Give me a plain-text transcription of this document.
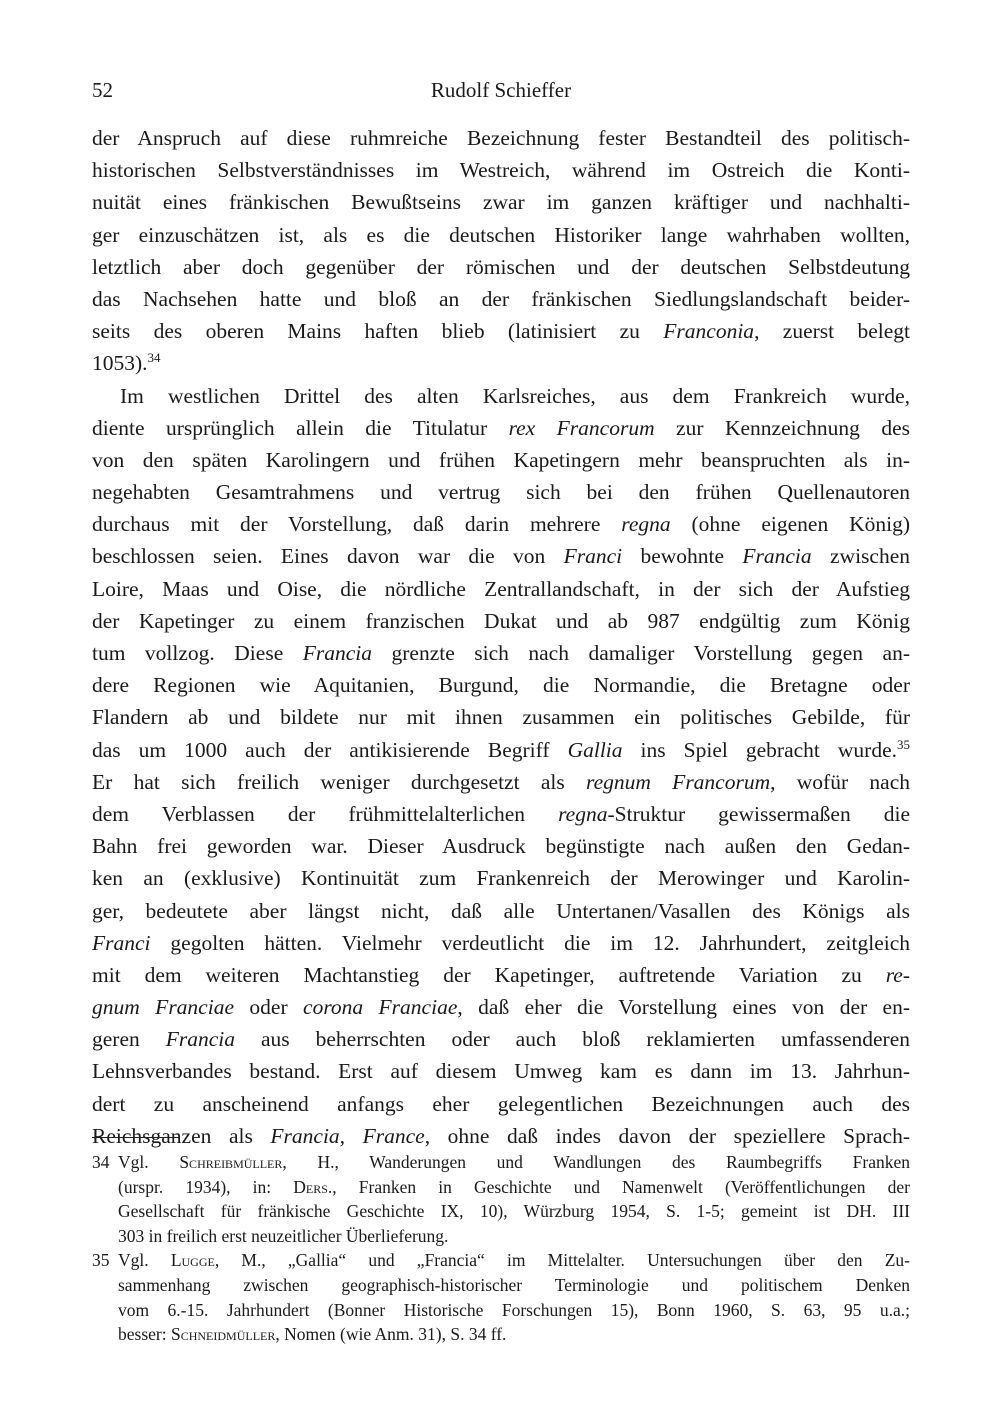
52	Rudolf Schieffer
der Anspruch auf diese ruhmreiche Bezeichnung fester Bestandteil des politisch-
historischen Selbstverständnisses im Westreich, während im Ostreich die Konti-
nuität eines fränkischen Bewußtseins zwar im ganzen kräftiger und nachhalti-
ger einzuschätzen ist, als es die deutschen Historiker lange wahrhaben wollten,
letztlich aber doch gegenüber der römischen und der deutschen Selbstdeutung
das Nachsehen hatte und bloß an der fränkischen Siedlungslandschaft beider-
seits des oberen Mains haften blieb (latinisiert zu Franconia, zuerst belegt
1053).$^{34}$
Im westlichen Drittel des alten Karlsreiches, aus dem Frankreich wurde,
diente ursprünglich allein die Titulatur rex Francorum zur Kennzeichnung des
von den späten Karolingern und frühen Kapetingern mehr beanspruchten als in-
negehabten Gesamtrahmens und vertrug sich bei den frühen Quellenautoren
durchaus mit der Vorstellung, daß darin mehrere regna (ohne eigenen König)
beschlossen seien. Eines davon war die von Franci bewohnte Francia zwischen
Loire, Maas und Oise, die nördliche Zentrallandschaft, in der sich der Aufstieg
der Kapetinger zu einem franzischen Dukat und ab 987 endgültig zum König
tum vollzog. Diese Francia grenzte sich nach damaliger Vorstellung gegen an-
dere Regionen wie Aquitanien, Burgund, die Normandie, die Bretagne oder
Flandern ab und bildete nur mit ihnen zusammen ein politisches Gebilde, für
das um 1000 auch der antikisierende Begriff Gallia ins Spiel gebracht wurde.$^{35}$
Er hat sich freilich weniger durchgesetzt als regnum Francorum, wofür nach
dem Verblassen der frühmittelalterlichen regna-Struktur gewissermaßen die
Bahn frei geworden war. Dieser Ausdruck begünstigte nach außen den Gedan-
ken an (exklusive) Kontinuität zum Frankenreich der Merowinger und Karolin-
ger, bedeutete aber längst nicht, daß alle Untertanen/Vasallen des Königs als
Franci gegolten hätten. Vielmehr verdeutlicht die im 12. Jahrhundert, zeitgleich
mit dem weiteren Machtanstieg der Kapetinger, auftretende Variation zu re-
gnum Franciae oder corona Franciae, daß eher die Vorstellung eines von der en-
geren Francia aus beherrschten oder auch bloß reklamierten umfassenderen
Lehnsverbandes bestand. Erst auf diesem Umweg kam es dann im 13. Jahrhun-
dert zu anscheinend anfangs eher gelegentlichen Bezeichnungen auch des
Reichsganzen als Francia, France, ohne daß indes davon der speziellere Sprach-
34 Vgl. Schreibmüller, H., Wanderungen und Wandlungen des Raumbegriffs Franken
(urspr. 1934), in: Ders., Franken in Geschichte und Namenwelt (Veröffentlichungen der
Gesellschaft für fränkische Geschichte IX, 10), Würzburg 1954, S. 1-5; gemeint ist DH. III
303 in freilich erst neuzeitlicher Überlieferung.
35 Vgl. Lugge, M., „Gallia“ und „Francia“ im Mittelalter. Untersuchungen über den Zu-
sammenhang zwischen geographisch-historischer Terminologie und politischem Denken
vom 6.-15. Jahrhundert (Bonner Historische Forschungen 15), Bonn 1960, S. 63, 95 u.a.;
besser: Schneidmüller, Nomen (wie Anm. 31), S. 34 ff.
